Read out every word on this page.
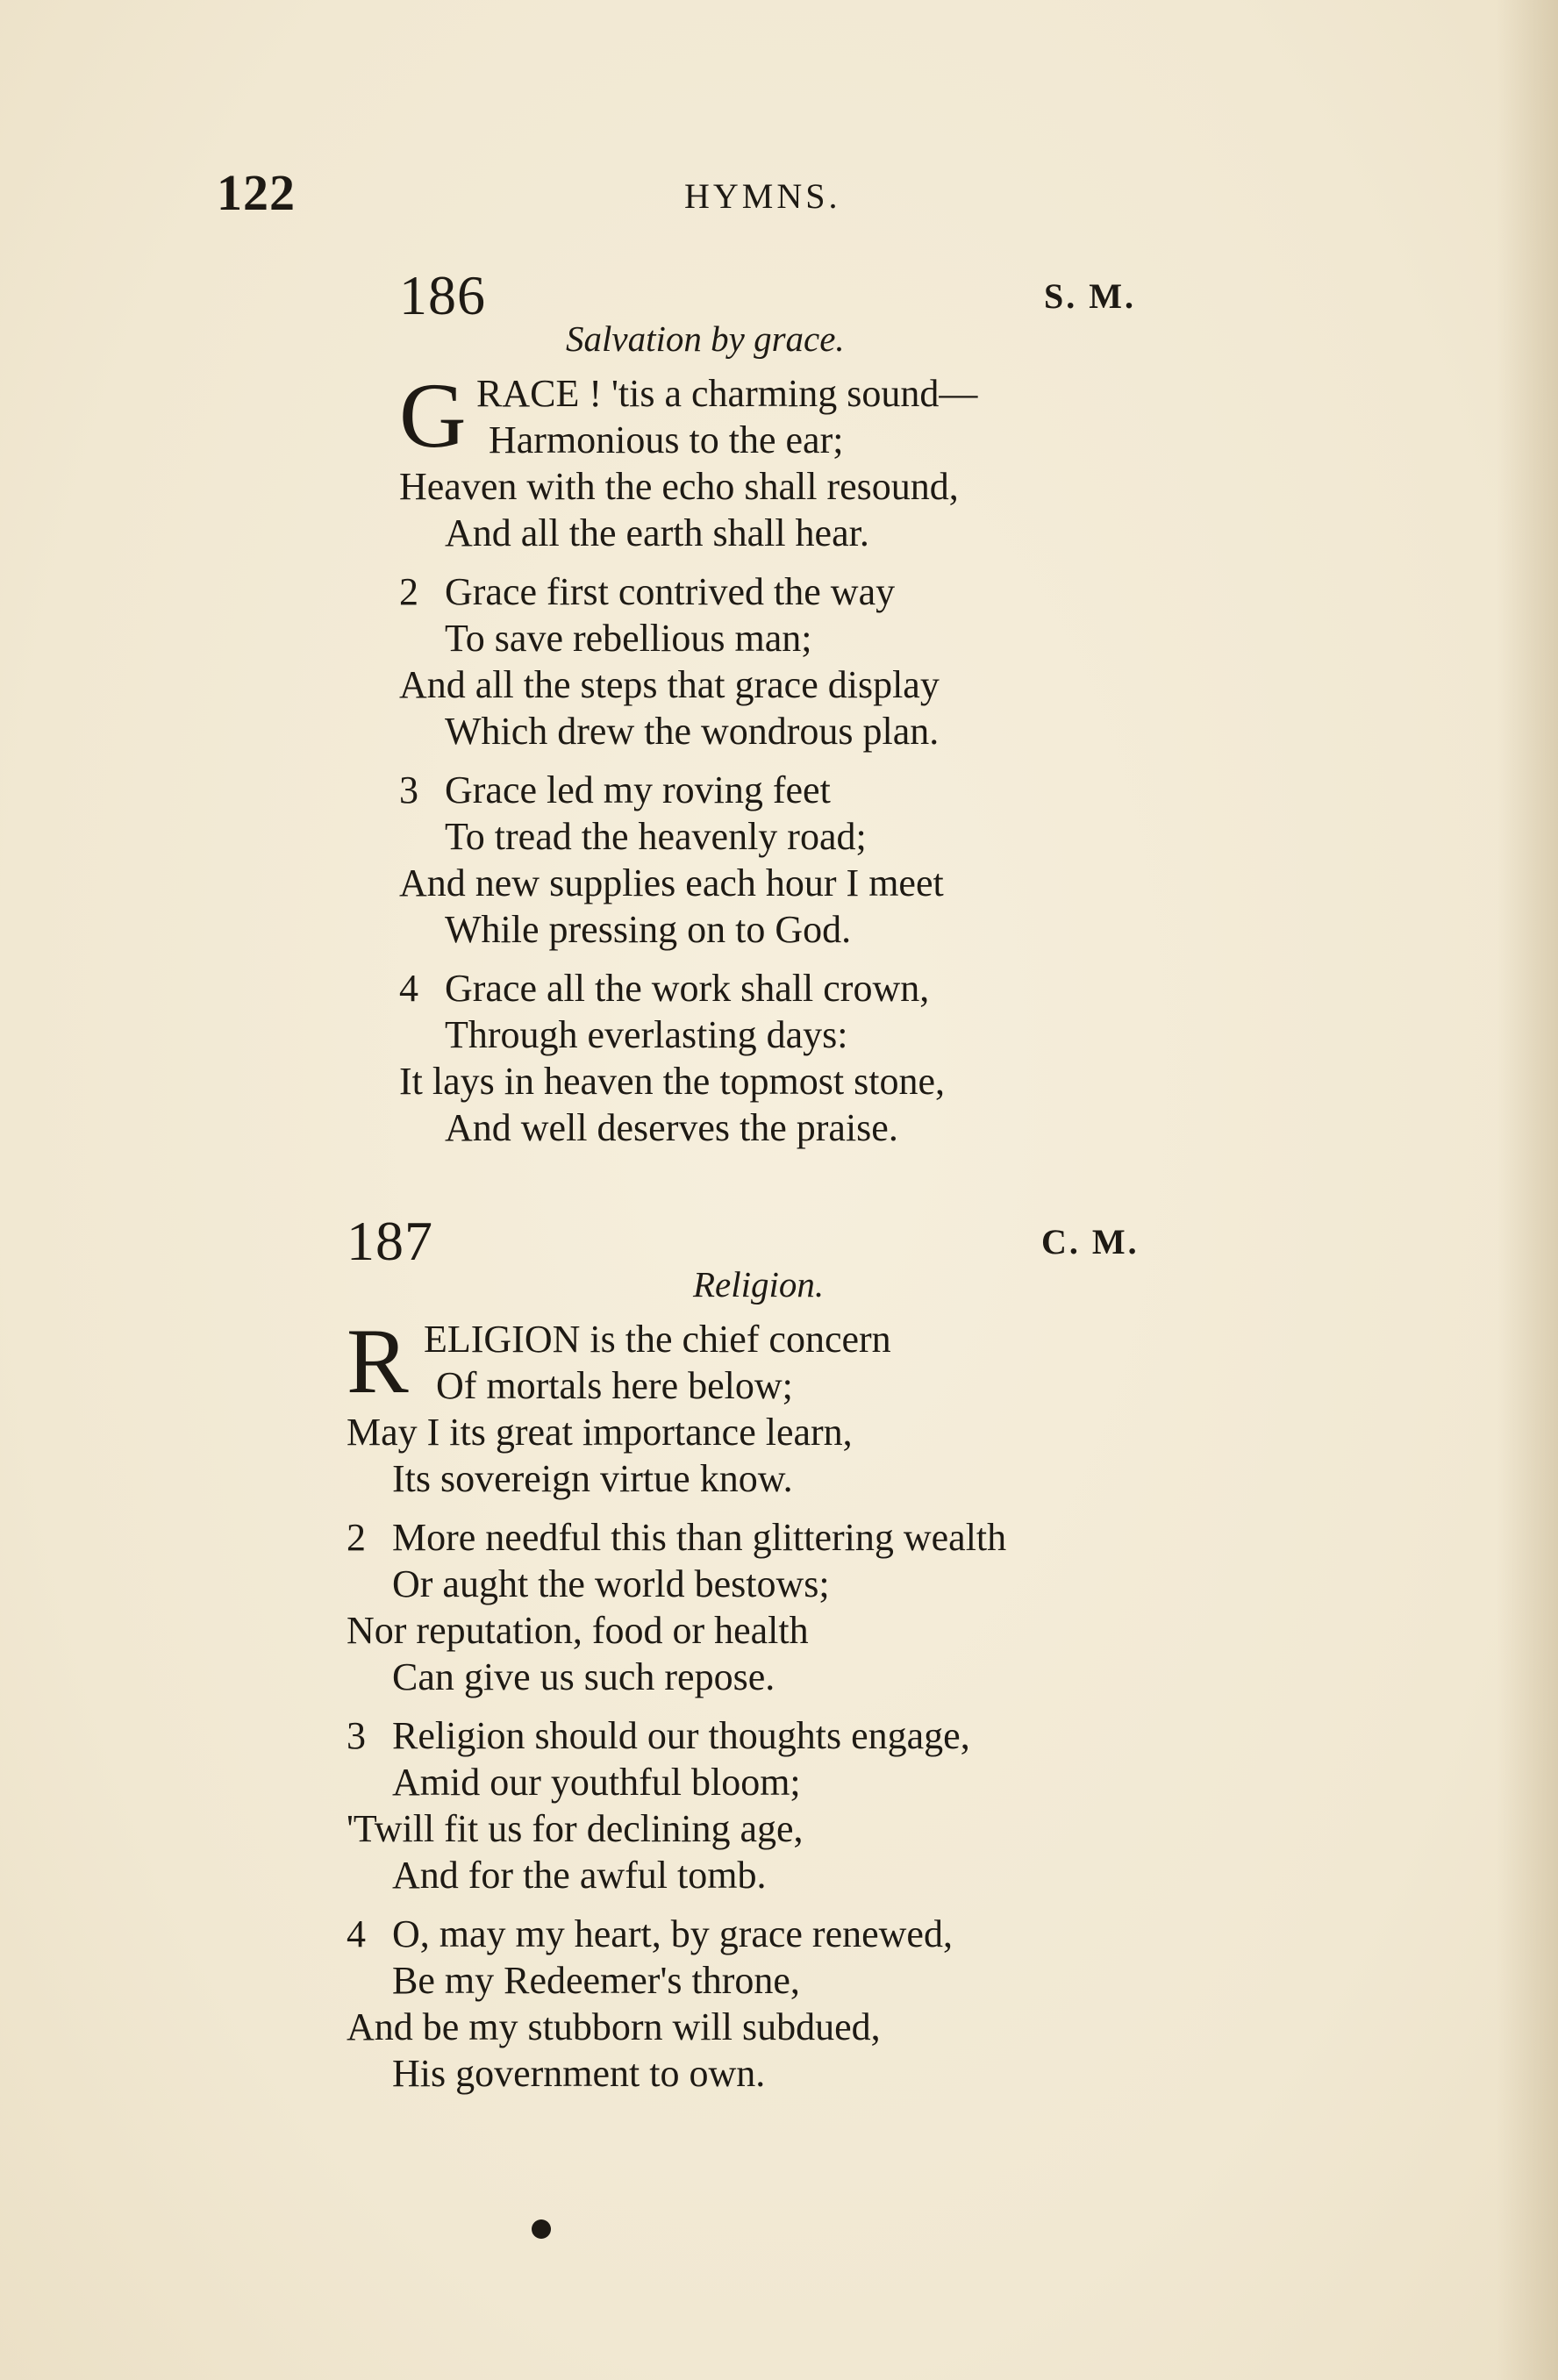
122	HYMNS.
186	S. M.
Salvation by grace.
G RACE ! 'tis a charming sound—
Harmonious to the ear;
Heaven with the echo shall resound,
And all the earth shall hear.
2 Grace first contrived the way
To save rebellious man;
And all the steps that grace display
Which drew the wondrous plan.
3 Grace led my roving feet
To tread the heavenly road;
And new supplies each hour I meet
While pressing on to God.
4 Grace all the work shall crown,
Through everlasting days:
It lays in heaven the topmost stone,
And well deserves the praise.
187	C. M.
Religion.
R ELIGION is the chief concern
Of mortals here below;
May I its great importance learn,
Its sovereign virtue know.
2 More needful this than glittering wealth
Or aught the world bestows;
Nor reputation, food or health
Can give us such repose.
3 Religion should our thoughts engage,
Amid our youthful bloom;
'Twill fit us for declining age,
And for the awful tomb.
4 O, may my heart, by grace renewed,
Be my Redeemer's throne,
And be my stubborn will subdued,
His government to own.
